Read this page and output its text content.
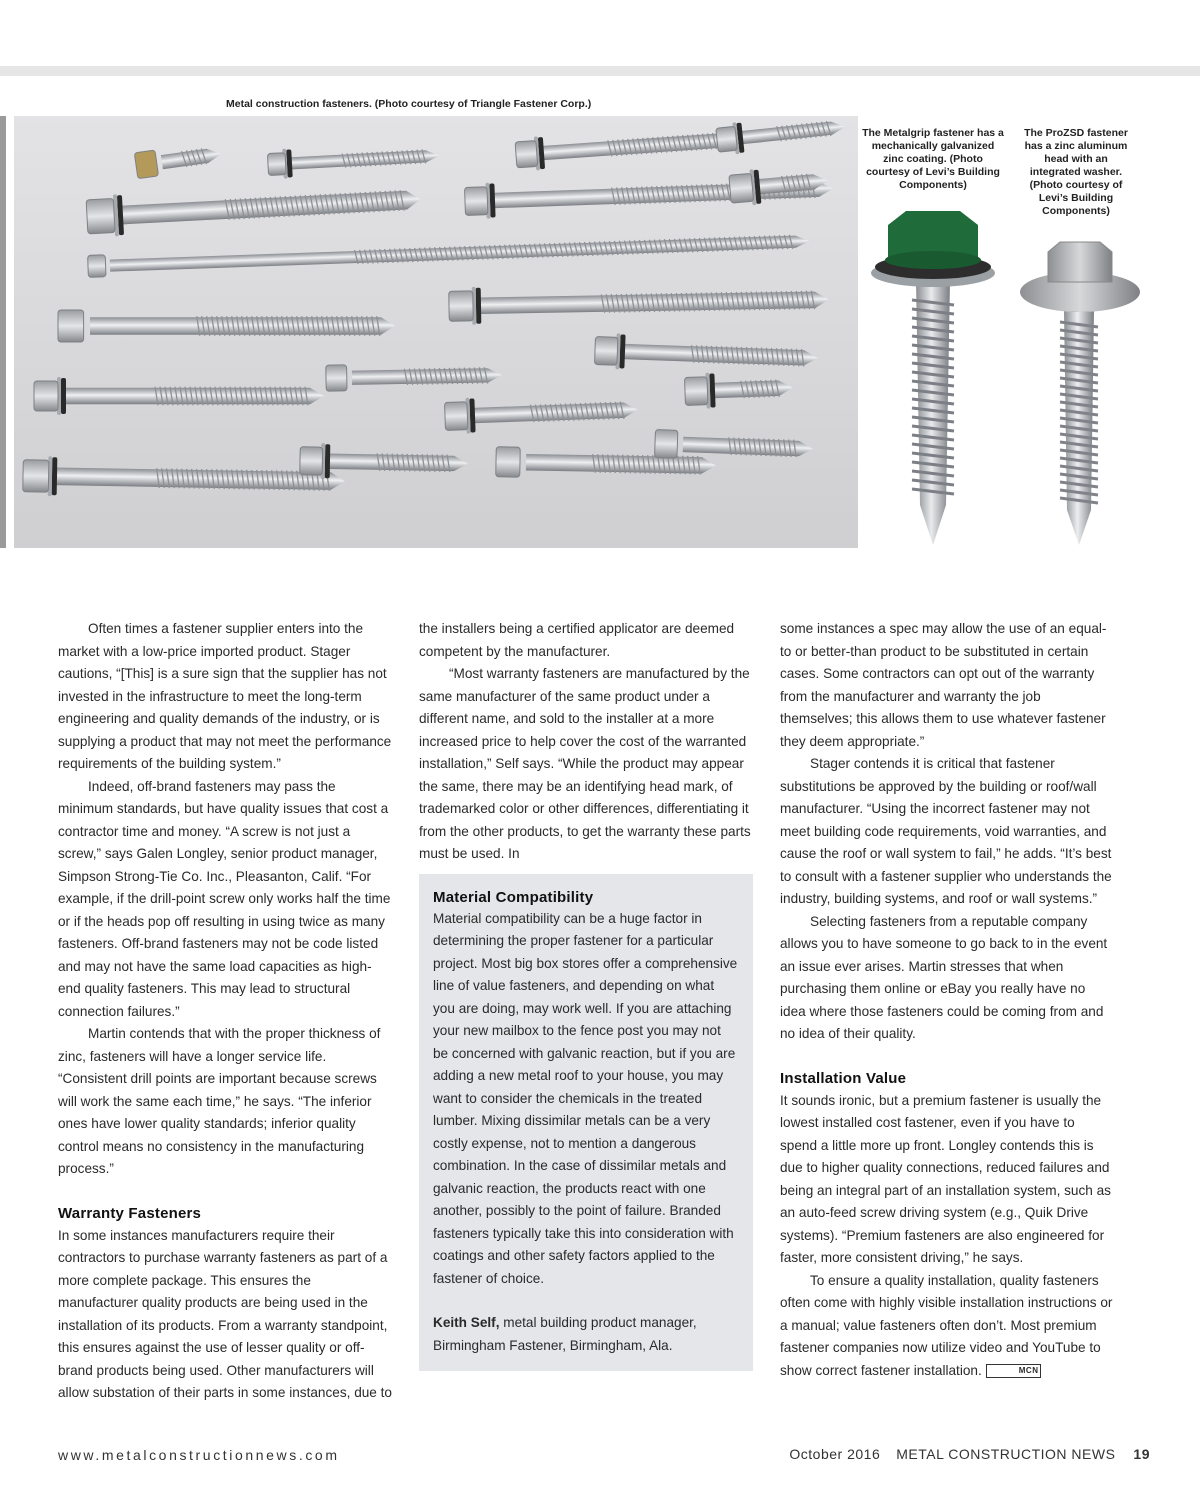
Metal construction fasteners. (Photo courtesy of Triangle Fastener Corp.)
The Metalgrip fastener has a mechanically galvanized zinc coating. (Photo courtesy of Levi’s Building Components)
The ProZSD fastener has a zinc aluminum head with an integrated washer. (Photo courtesy of Levi’s Building Components)

Often times a fastener supplier enters into the market with a low-price imported product. Stager cautions, “[This] is a sure sign that the supplier has not invested in the infrastructure to meet the long-term engineering and quality demands of the industry, or is supplying a product that may not meet the performance requirements of the building system.”

Indeed, off-brand fasteners may pass the minimum standards, but have quality issues that cost a contractor time and money. “A screw is not just a screw,” says Galen Longley, senior product manager, Simpson Strong-Tie Co. Inc., Pleasanton, Calif. “For example, if the drill-point screw only works half the time or if the heads pop off resulting in using twice as many fasteners. Off-brand fasteners may not be code listed and may not have the same load capacities as high-end quality fasteners. This may lead to structural connection failures.”

Martin contends that with the proper thickness of zinc, fasteners will have a longer service life. “Consistent drill points are important because screws will work the same each time,” he says. “The inferior ones have lower quality standards; inferior quality control means no consistency in the manufacturing process.”

Warranty Fasteners

In some instances manufacturers require their contractors to purchase warranty fasteners as part of a more complete package. This ensures the manufacturer quality products are being used in the installation of its products. From a warranty standpoint, this ensures against the use of lesser quality or off-brand products being used. Other manufacturers will allow substation of their parts in some instances, due to

the installers being a certified applicator are deemed competent by the manufacturer.

“Most warranty fasteners are manufactured by the same manufacturer of the same product under a different name, and sold to the installer at a more increased price to help cover the cost of the warranted installation,” Self says. “While the product may appear the same, there may be an identifying head mark, of trademarked color or other differences, differentiating it from the other products, to get the warranty these parts must be used. In

Material Compatibility

Material compatibility can be a huge factor in determining the proper fastener for a particular project. Most big box stores offer a comprehensive line of value fasteners, and depending on what you are doing, may work well. If you are attaching your new mailbox to the fence post you may not be concerned with galvanic reaction, but if you are adding a new metal roof to your house, you may want to consider the chemicals in the treated lumber. Mixing dissimilar metals can be a very costly expense, not to mention a dangerous combination. In the case of dissimilar metals and galvanic reaction, the products react with one another, possibly to the point of failure. Branded fasteners typically take this into consideration with coatings and other safety factors applied to the fastener of choice.

Keith Self, metal building product manager, Birmingham Fastener, Birmingham, Ala.

some instances a spec may allow the use of an equal-to or better-than product to be substituted in certain cases. Some contractors can opt out of the warranty from the manufacturer and warranty the job themselves; this allows them to use whatever fastener they deem appropriate.”

Stager contends it is critical that fastener substitutions be approved by the building or roof/wall manufacturer. “Using the incorrect fastener may not meet building code requirements, void warranties, and cause the roof or wall system to fail,” he adds. “It’s best to consult with a fastener supplier who understands the industry, building systems, and roof or wall systems.”

Selecting fasteners from a reputable company allows you to have someone to go back to in the event an issue ever arises. Martin stresses that when purchasing them online or eBay you really have no idea where those fasteners could be coming from and no idea of their quality.

Installation Value

It sounds ironic, but a premium fastener is usually the lowest installed cost fastener, even if you have to spend a little more up front. Longley contends this is due to higher quality connections, reduced failures and being an integral part of an installation system, such as an auto-feed screw driving system (e.g., Quik Drive systems). “Premium fasteners are also engineered for faster, more consistent driving,” he says.

To ensure a quality installation, quality fasteners often come with highly visible installation instructions or a manual; value fasteners often don’t. Most premium fastener companies now utilize video and YouTube to show correct fastener installation.	MCN

www.metalconstructionnews.com	October 2016 METAL CONSTRUCTION NEWS 19
